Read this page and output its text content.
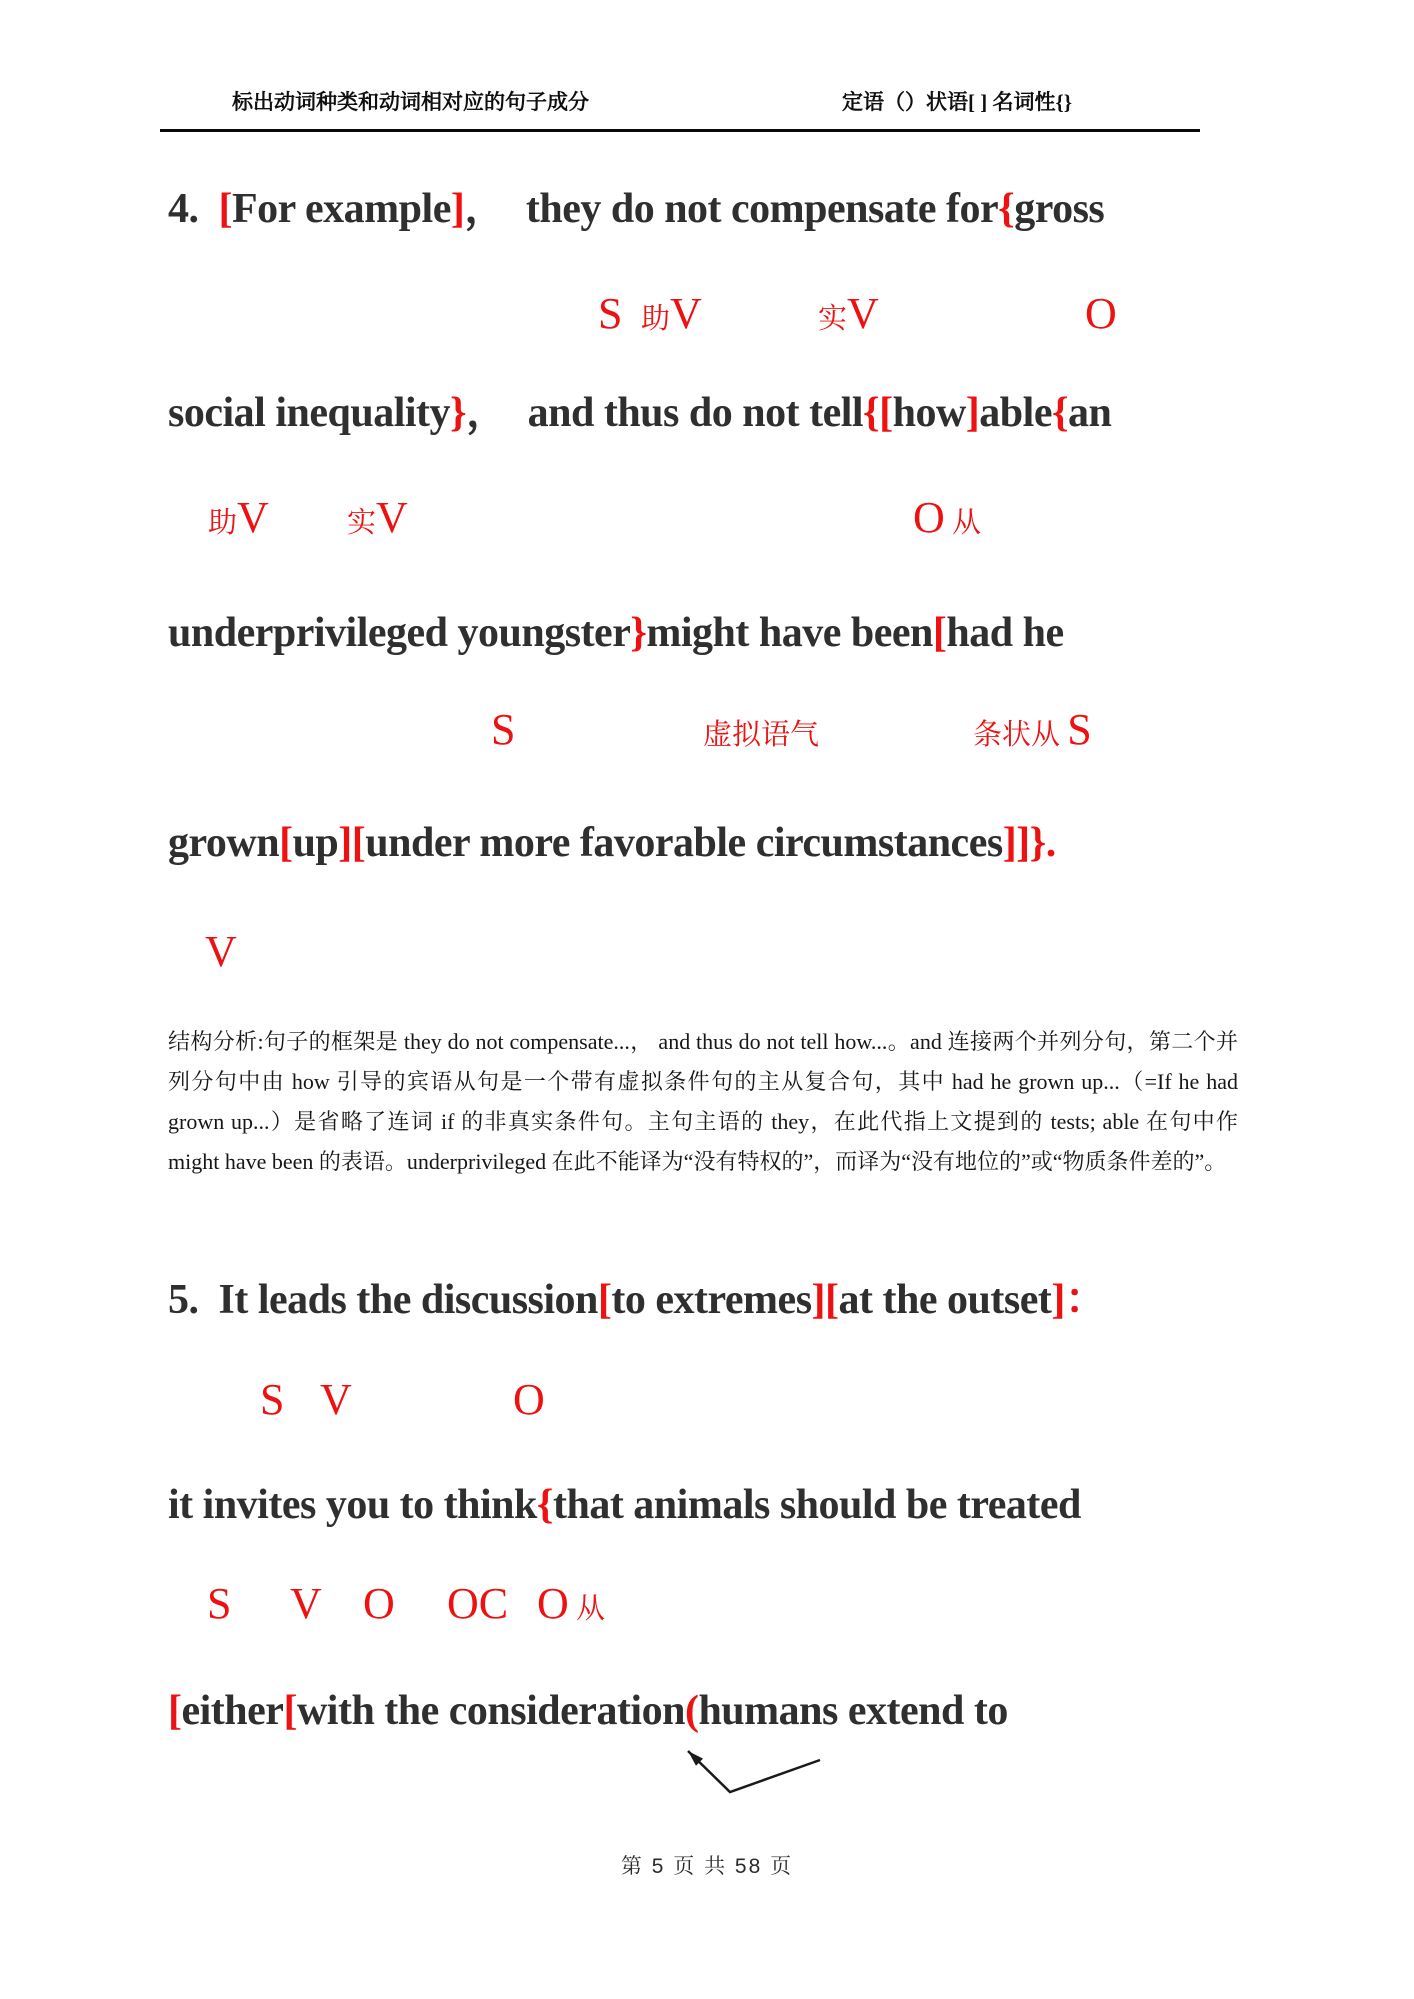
标出动词种类和动词相对应的句子成分	定语（）状语[ ] 名词性{}
4.  [For example]，  they do not compensate for{gross
S 助V	实V	O
social inequality}，  and thus do not tell{[how]able{an
助V	实V	O 从
underprivileged youngster}might have been[had he
S	虚拟语气	条状从 S
grown[up][under more favorable circumstances]]}.
V
结构分析:句子的框架是 they do not compensate...， and thus do not tell how...。and 连接两个并列分句，第二个并列分句中由 how 引导的宾语从句是一个带有虚拟条件句的主从复合句，其中 had he grown up...（=If he had grown up...）是省略了连词 if 的非真实条件句。主句主语的 they，在此代指上文提到的 tests; able 在句中作 might have been 的表语。underprivileged 在此不能译为“没有特权的”，而译为“没有地位的”或“物质条件差的”。
5.  It leads the discussion[to extremes][at the outset]：
S V	O
it invites you to think{that animals should be treated
S V O OC O 从
[either[with the consideration(humans extend to
第 5 页 共 58 页
